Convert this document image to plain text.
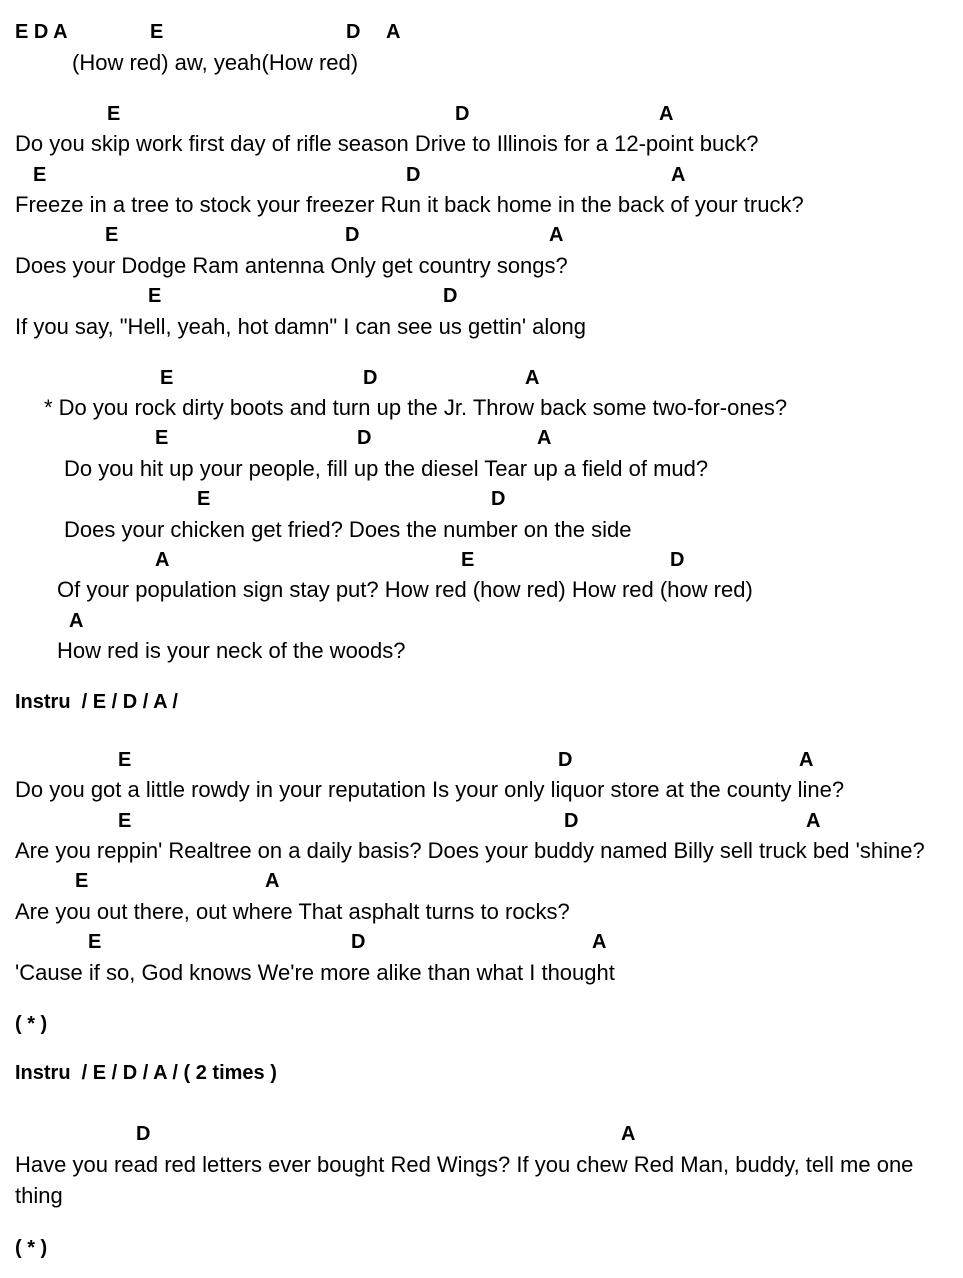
E D A	E	D A
(How red) aw, yeah(How red)
E	D	A
Do you skip work first day of rifle season Drive to Illinois for a 12-point buck?
E	D	A
Freeze in a tree to stock your freezer Run it back home in the back of your truck?
E	D	A
Does your Dodge Ram antenna Only get country songs?
E	D
If you say, "Hell, yeah, hot damn" I can see us gettin' along
E	D	A
* Do you rock dirty boots and turn up the Jr. Throw back some two-for-ones?
E	D	A
Do you hit up your people, fill up the diesel Tear up a field of mud?
E	D
Does your chicken get fried? Does the number on the side
A	E	D
Of your population sign stay put? How red (how red) How red (how red)
A
How red is your neck of the woods?
Instru  / E / D / A /
E	D	A
Do you got a little rowdy in your reputation Is your only liquor store at the county line?
E	D	A
Are you reppin' Realtree on a daily basis? Does your buddy named Billy sell truck bed 'shine?
E	A
Are you out there, out where That asphalt turns to rocks?
E	D	A
'Cause if so, God knows We're more alike than what I thought
( * )
Instru  / E / D / A / ( 2 times )
D	A
Have you read red letters ever bought Red Wings? If you chew Red Man, buddy, tell me one
thing
( * )
